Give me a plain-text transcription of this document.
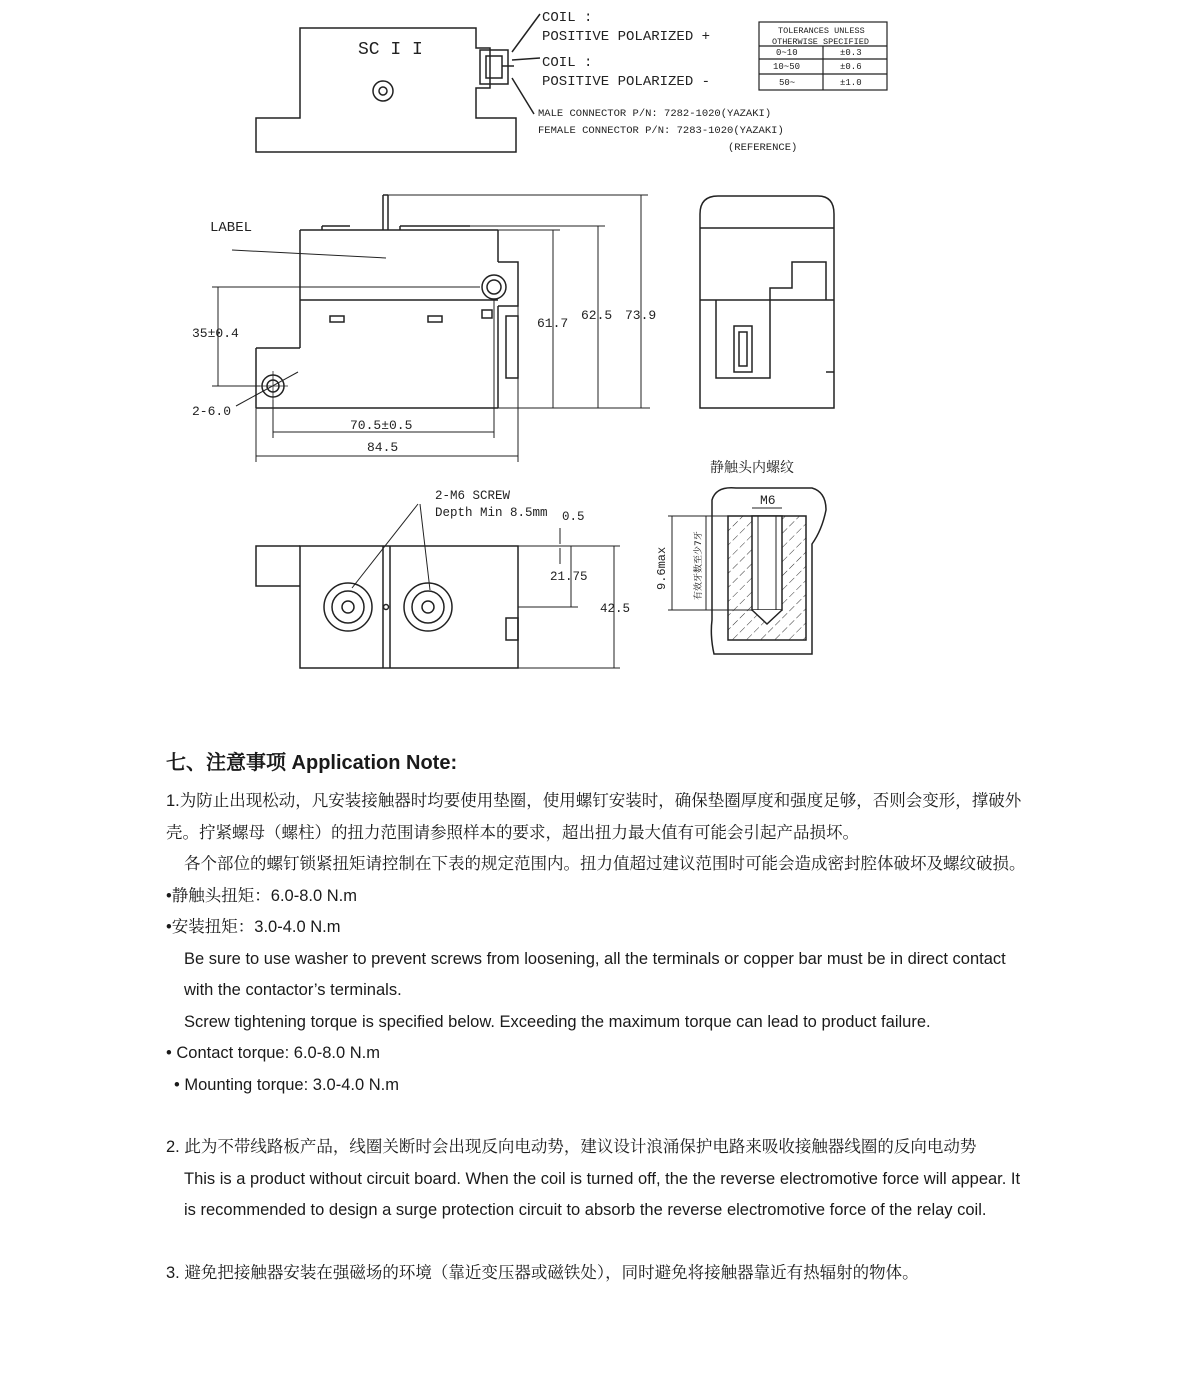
SC I I
COIL :
POSITIVE POLARIZED +
COIL :
POSITIVE POLARIZED -
MALE CONNECTOR P/N: 7282-1020(YAZAKI)
FEMALE CONNECTOR P/N: 7283-1020(YAZAKI)
(REFERENCE)
TOLERANCES UNLESS
OTHERWISE SPECIFIED
0~10	±0.3
10~50	±0.6
50~	±1.0
LABEL
35±0.4
2-6.0
61.7
62.5 73.9
70.5±0.5
84.5
2-M6 SCREW
Depth Min 8.5mm 0.5
21.75
42.5
静触头内螺纹
M6
9.6max	有效牙数至少7牙
七、注意事项 Application Note:

1.为防止出现松动，凡安装接触器时均要使用垫圈，使用螺钉安装时，确保垫圈厚度和强度足够，否则会变形，撑破外壳。拧紧螺母（螺柱）的扭力范围请参照样本的要求，超出扭力最大值有可能会引起产品损坏。

各个部位的螺钉锁紧扭矩请控制在下表的规定范围内。扭力值超过建议范围时可能会造成密封腔体破坏及螺纹破损。

•静触头扭矩：6.0-8.0 N.m

•安装扭矩：3.0-4.0 N.m

Be sure to use washer to prevent screws from loosening, all the terminals or copper bar must be in direct contact with the contactor’s terminals.

Screw tightening torque is specified below. Exceeding the maximum torque can lead to product failure.

• Contact torque: 6.0-8.0 N.m

• Mounting torque: 3.0-4.0 N.m

2. 此为不带线路板产品，线圈关断时会出现反向电动势，建议设计浪涌保护电路来吸收接触器线圈的反向电动势

This is a product without circuit board. When the coil is turned off, the the reverse electromotive force will appear. It is recommended to design a surge protection circuit to absorb the reverse electromotive force of the relay coil.

3. 避免把接触器安装在强磁场的环境（靠近变压器或磁铁处），同时避免将接触器靠近有热辐射的物体。
